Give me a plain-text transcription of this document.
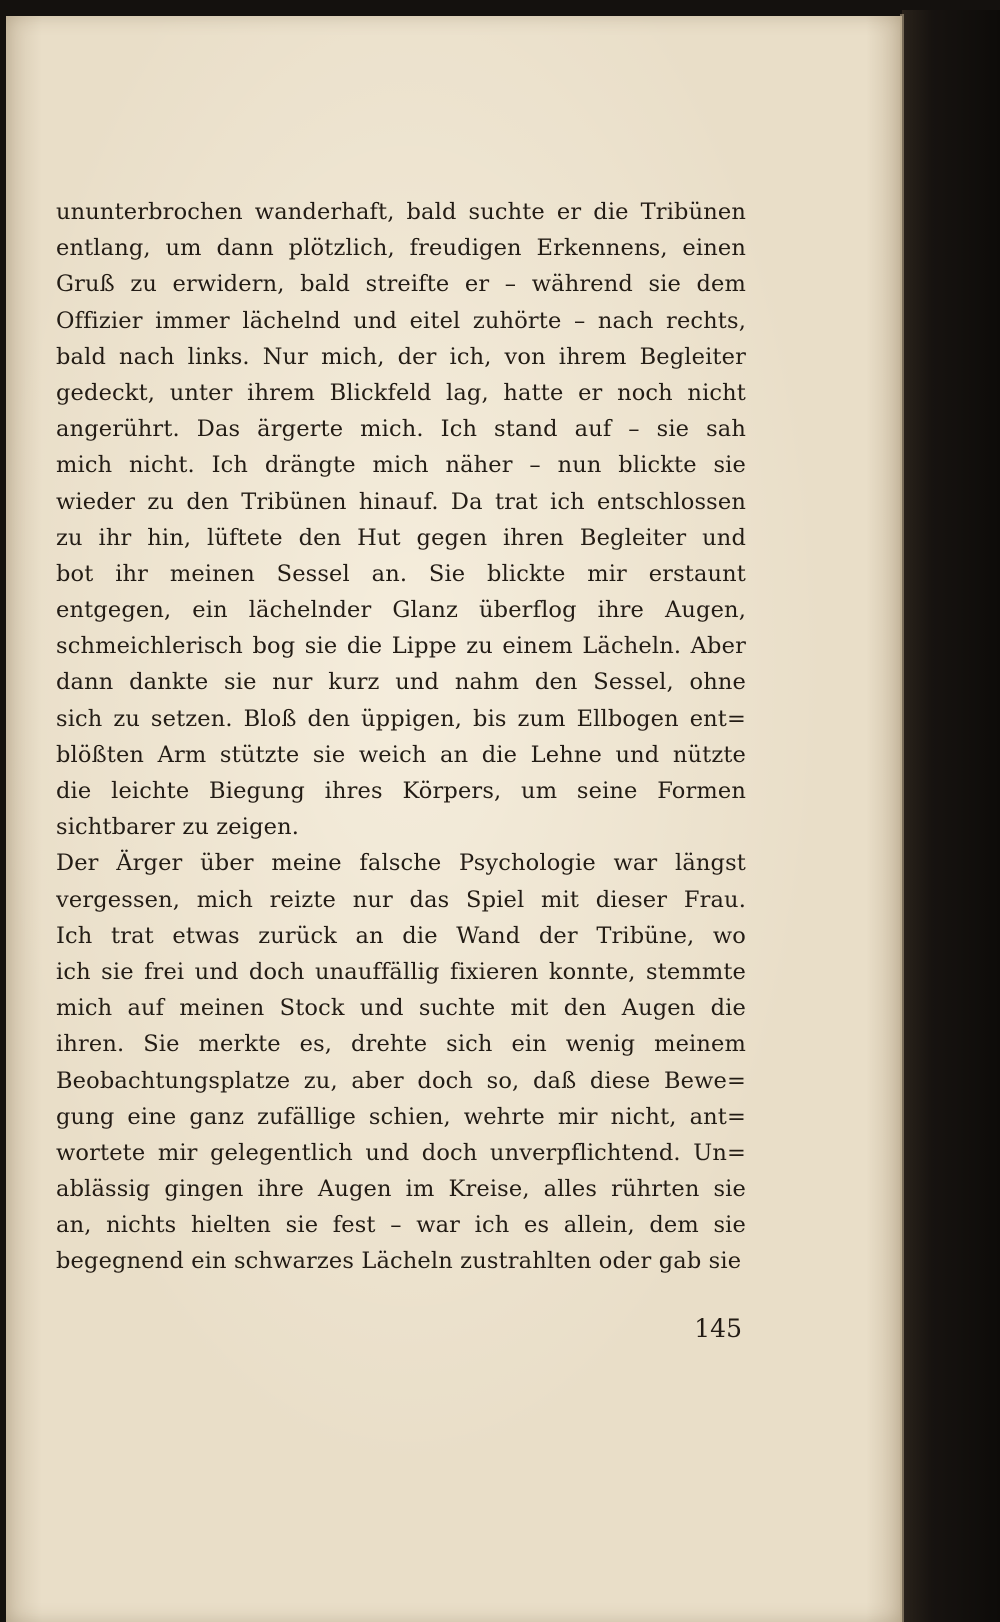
ununterbrochen wanderhaft, bald suchte er die Tribünen
entlang, um dann plötzlich, freudigen Erkennens, einen
Gruß zu erwidern, bald streifte er – während sie dem
Offizier immer lächelnd und eitel zuhörte – nach rechts,
bald nach links. Nur mich, der ich, von ihrem Begleiter
gedeckt, unter ihrem Blickfeld lag, hatte er noch nicht
angerührt. Das ärgerte mich. Ich stand auf – sie sah
mich nicht. Ich drängte mich näher – nun blickte sie
wieder zu den Tribünen hinauf. Da trat ich entschlossen
zu ihr hin, lüftete den Hut gegen ihren Begleiter und
bot ihr meinen Sessel an. Sie blickte mir erstaunt
entgegen, ein lächelnder Glanz überflog ihre Augen,
schmeichlerisch bog sie die Lippe zu einem Lächeln. Aber
dann dankte sie nur kurz und nahm den Sessel, ohne
sich zu setzen. Bloß den üppigen, bis zum Ellbogen ent=
blößten Arm stützte sie weich an die Lehne und nützte
die leichte Biegung ihres Körpers, um seine Formen
sichtbarer zu zeigen.
Der Ärger über meine falsche Psychologie war längst
vergessen, mich reizte nur das Spiel mit dieser Frau.
Ich trat etwas zurück an die Wand der Tribüne, wo
ich sie frei und doch unauffällig fixieren konnte, stemmte
mich auf meinen Stock und suchte mit den Augen die
ihren. Sie merkte es, drehte sich ein wenig meinem
Beobachtungsplatze zu, aber doch so, daß diese Bewe=
gung eine ganz zufällige schien, wehrte mir nicht, ant=
wortete mir gelegentlich und doch unverpflichtend. Un=
ablässig gingen ihre Augen im Kreise, alles rührten sie
an, nichts hielten sie fest – war ich es allein, dem sie
begegnend ein schwarzes Lächeln zustrahlten oder gab sie
145
